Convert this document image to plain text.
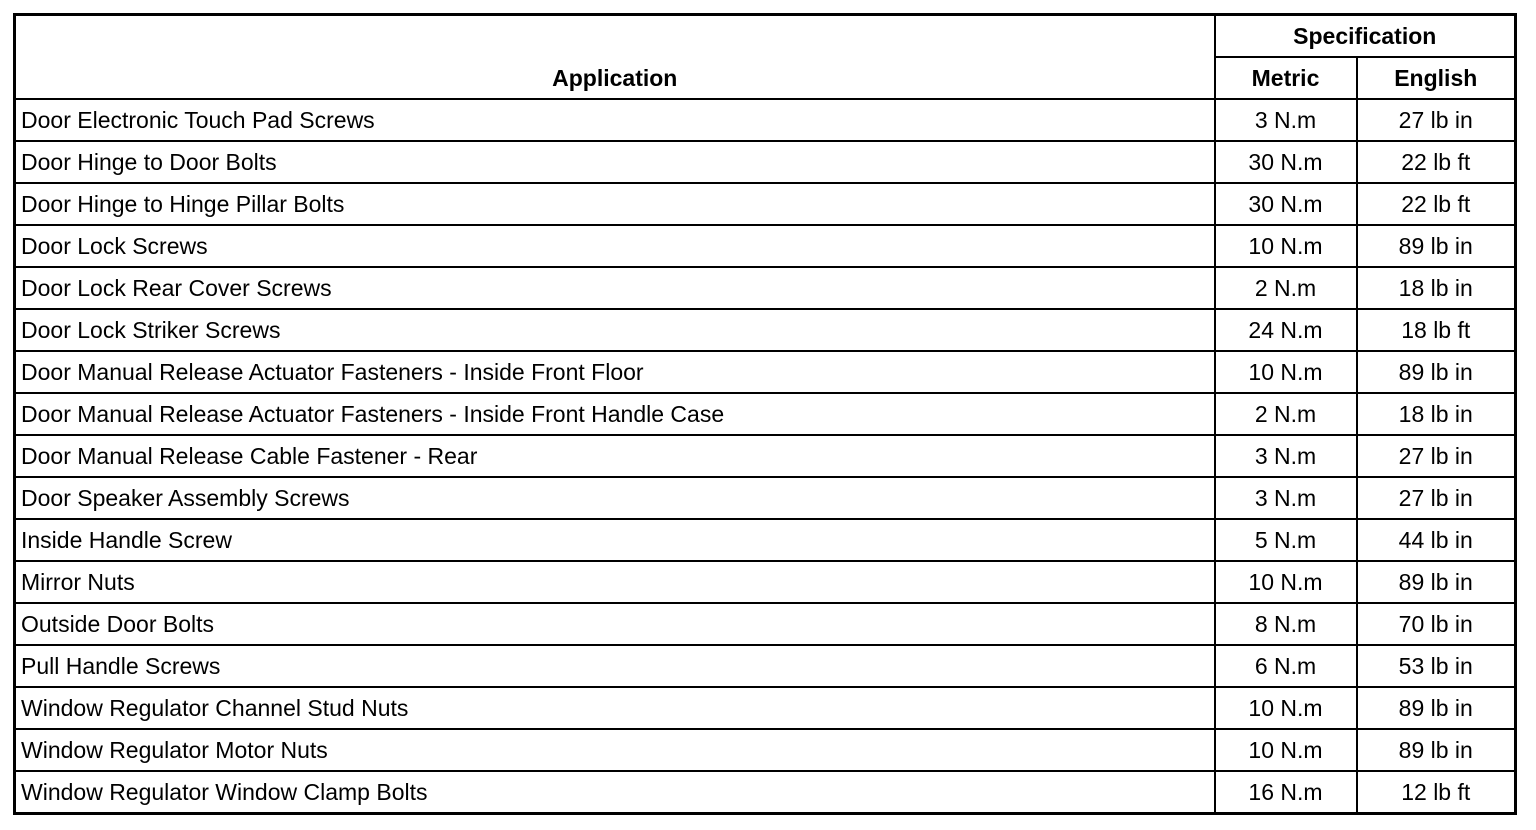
Application	Specification	
	Metric	English
Door Electronic Touch Pad Screws	3 N.m	27 lb in
Door Hinge to Door Bolts	30 N.m	22 lb ft
Door Hinge to Hinge Pillar Bolts	30 N.m	22 lb ft
Door Lock Screws	10 N.m	89 lb in
Door Lock Rear Cover Screws	2 N.m	18 lb in
Door Lock Striker Screws	24 N.m	18 lb ft
Door Manual Release Actuator Fasteners - Inside Front Floor	10 N.m	89 lb in
Door Manual Release Actuator Fasteners - Inside Front Handle Case	2 N.m	18 lb in
Door Manual Release Cable Fastener - Rear	3 N.m	27 lb in
Door Speaker Assembly Screws	3 N.m	27 lb in
Inside Handle Screw	5 N.m	44 lb in
Mirror Nuts	10 N.m	89 lb in
Outside Door Bolts	8 N.m	70 lb in
Pull Handle Screws	6 N.m	53 lb in
Window Regulator Channel Stud Nuts	10 N.m	89 lb in
Window Regulator Motor Nuts	10 N.m	89 lb in
Window Regulator Window Clamp Bolts	16 N.m	12 lb ft
